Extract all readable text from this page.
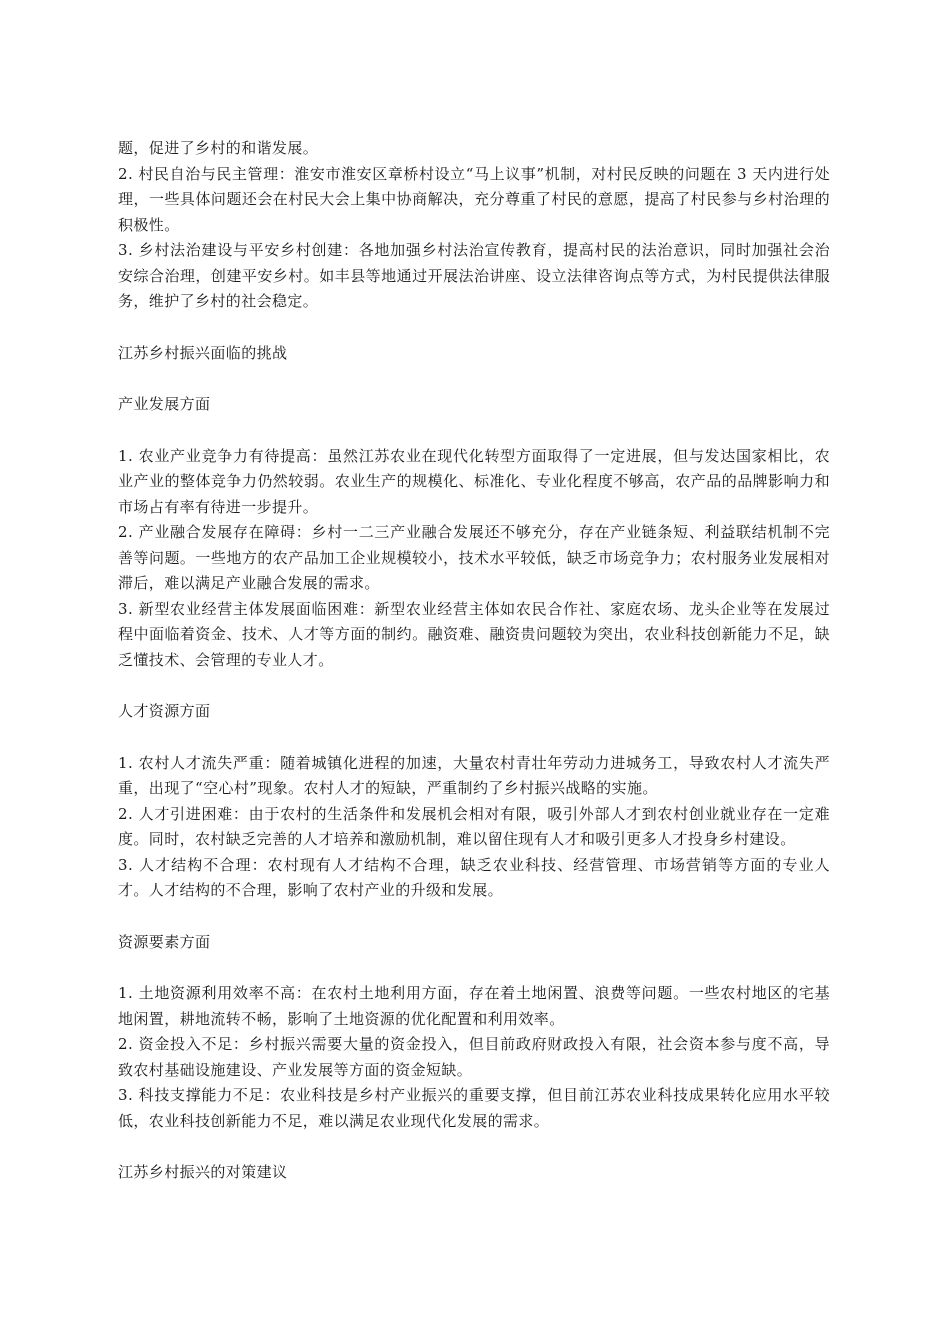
题，促进了乡村的和谐发展。

2. 村民自治与民主管理：淮安市淮安区章桥村设立“马上议事”机制，对村民反映的问题在 3 天内进行处理，一些具体问题还会在村民大会上集中协商解决，充分尊重了村民的意愿，提高了村民参与乡村治理的积极性。

3. 乡村法治建设与平安乡村创建：各地加强乡村法治宣传教育，提高村民的法治意识，同时加强社会治安综合治理，创建平安乡村。如丰县等地通过开展法治讲座、设立法律咨询点等方式，为村民提供法律服务，维护了乡村的社会稳定。

江苏乡村振兴面临的挑战

产业发展方面

1. 农业产业竞争力有待提高：虽然江苏农业在现代化转型方面取得了一定进展，但与发达国家相比，农业产业的整体竞争力仍然较弱。农业生产的规模化、标准化、专业化程度不够高，农产品的品牌影响力和市场占有率有待进一步提升。

2. 产业融合发展存在障碍：乡村一二三产业融合发展还不够充分，存在产业链条短、利益联结机制不完善等问题。一些地方的农产品加工企业规模较小，技术水平较低，缺乏市场竞争力；农村服务业发展相对滞后，难以满足产业融合发展的需求。

3. 新型农业经营主体发展面临困难：新型农业经营主体如农民合作社、家庭农场、龙头企业等在发展过程中面临着资金、技术、人才等方面的制约。融资难、融资贵问题较为突出，农业科技创新能力不足，缺乏懂技术、会管理的专业人才。

人才资源方面

1. 农村人才流失严重：随着城镇化进程的加速，大量农村青壮年劳动力进城务工，导致农村人才流失严重，出现了“空心村”现象。农村人才的短缺，严重制约了乡村振兴战略的实施。

2. 人才引进困难：由于农村的生活条件和发展机会相对有限，吸引外部人才到农村创业就业存在一定难度。同时，农村缺乏完善的人才培养和激励机制，难以留住现有人才和吸引更多人才投身乡村建设。

3. 人才结构不合理：农村现有人才结构不合理，缺乏农业科技、经营管理、市场营销等方面的专业人才。人才结构的不合理，影响了农村产业的升级和发展。

资源要素方面

1. 土地资源利用效率不高：在农村土地利用方面，存在着土地闲置、浪费等问题。一些农村地区的宅基地闲置，耕地流转不畅，影响了土地资源的优化配置和利用效率。

2. 资金投入不足：乡村振兴需要大量的资金投入，但目前政府财政投入有限，社会资本参与度不高，导致农村基础设施建设、产业发展等方面的资金短缺。

3. 科技支撑能力不足：农业科技是乡村产业振兴的重要支撑，但目前江苏农业科技成果转化应用水平较低，农业科技创新能力不足，难以满足农业现代化发展的需求。

江苏乡村振兴的对策建议
